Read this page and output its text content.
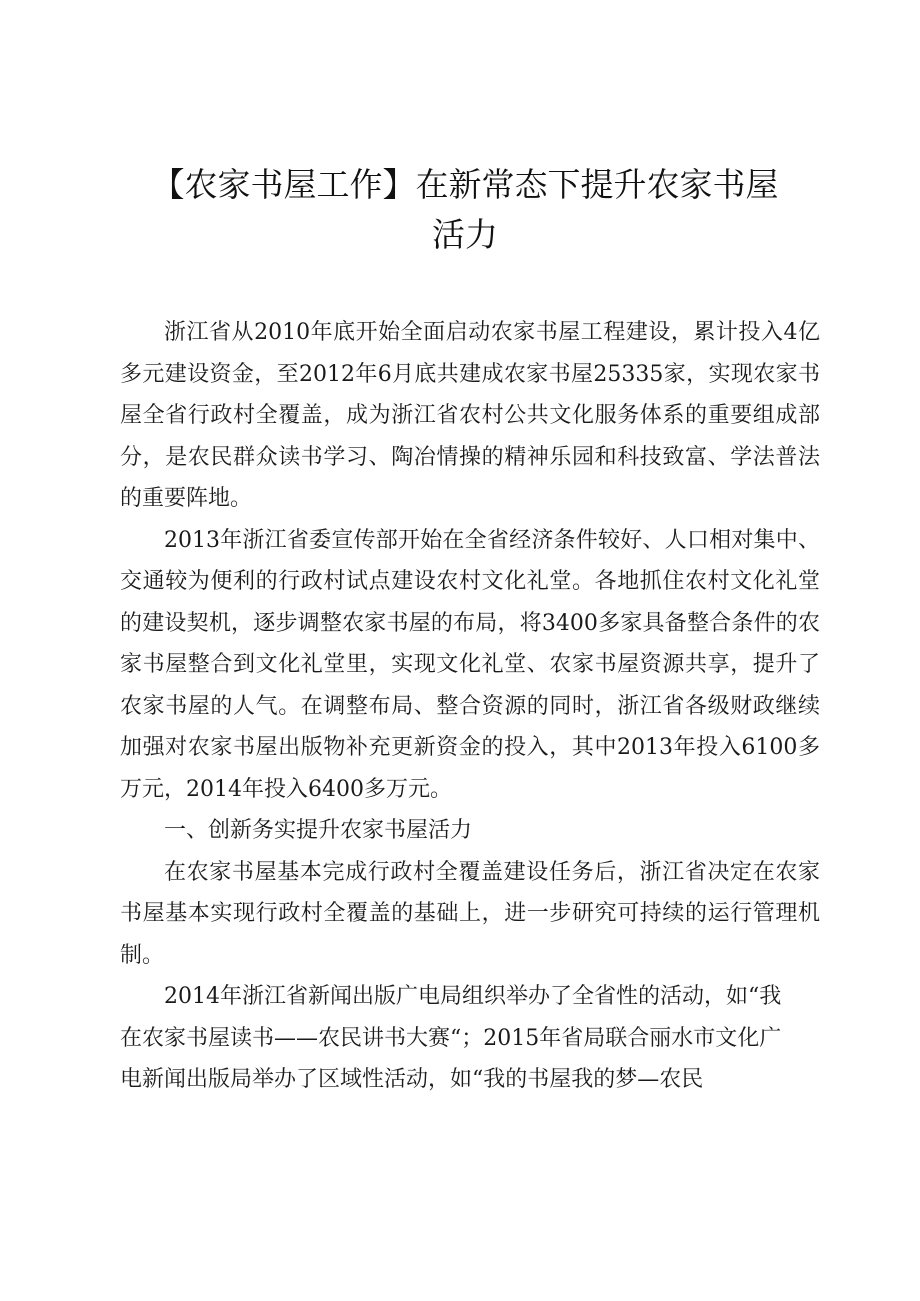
【农家书屋工作】在新常态下提升农家书屋活力

浙江省从2010年底开始全面启动农家书屋工程建设，累计投入4亿多元建设资金，至2012年6月底共建成农家书屋25335家，实现农家书屋全省行政村全覆盖，成为浙江省农村公共文化服务体系的重要组成部分，是农民群众读书学习、陶冶情操的精神乐园和科技致富、学法普法的重要阵地。

2013年浙江省委宣传部开始在全省经济条件较好、人口相对集中、交通较为便利的行政村试点建设农村文化礼堂。各地抓住农村文化礼堂的建设契机，逐步调整农家书屋的布局，将3400多家具备整合条件的农家书屋整合到文化礼堂里，实现文化礼堂、农家书屋资源共享，提升了农家书屋的人气。在调整布局、整合资源的同时，浙江省各级财政继续加强对农家书屋出版物补充更新资金的投入，其中2013年投入6100多万元，2014年投入6400多万元。

一、创新务实提升农家书屋活力

在农家书屋基本完成行政村全覆盖建设任务后，浙江省决定在农家书屋基本实现行政村全覆盖的基础上，进一步研究可持续的运行管理机制。

2014年浙江省新闻出版广电局组织举办了全省性的活动，如“我在农家书屋读书——农民讲书大赛“；2015年省局联合丽水市文化广电新闻出版局举办了区域性活动，如“我的书屋我的梦—农民
